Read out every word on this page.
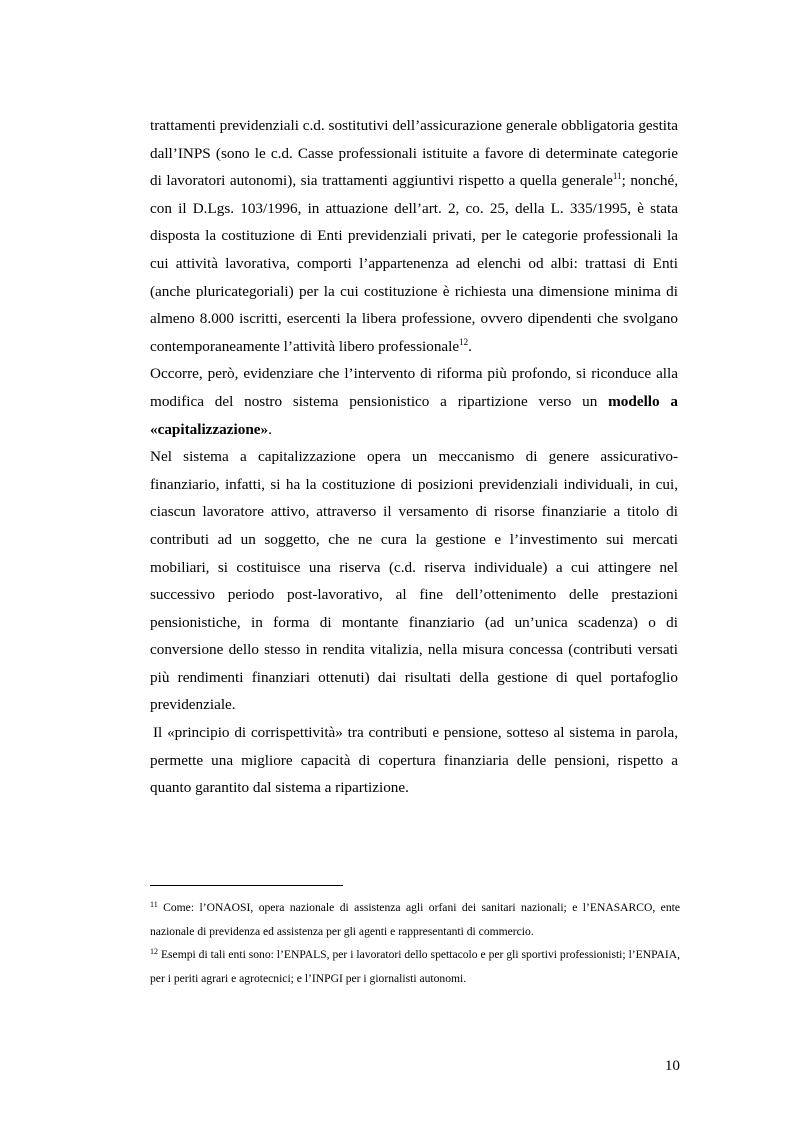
trattamenti previdenziali c.d. sostitutivi dell’assicurazione generale obbligatoria gestita dall’INPS (sono le c.d. Casse professionali istituite a favore di determinate categorie di lavoratori autonomi), sia trattamenti aggiuntivi rispetto a quella generale$^{11}$; nonché, con il D.Lgs. 103/1996, in attuazione dell’art. 2, co. 25, della L. 335/1995, è stata disposta la costituzione di Enti previdenziali privati, per le categorie professionali la cui attività lavorativa, comporti l’appartenenza ad elenchi od albi: trattasi di Enti (anche pluricategoriali) per la cui costituzione è richiesta una dimensione minima di almeno 8.000 iscritti, esercenti la libera professione, ovvero dipendenti che svolgano contemporaneamente l’attività libero professionale$^{12}$.

Occorre, però, evidenziare che l’intervento di riforma più profondo, si riconduce alla modifica del nostro sistema pensionistico a ripartizione verso un modello a «capitalizzazione».

Nel sistema a capitalizzazione opera un meccanismo di genere assicurativo-finanziario, infatti, si ha la costituzione di posizioni previdenziali individuali, in cui, ciascun lavoratore attivo, attraverso il versamento di risorse finanziarie a titolo di contributi ad un soggetto, che ne cura la gestione e l’investimento sui mercati mobiliari, si costituisce una riserva (c.d. riserva individuale) a cui attingere nel successivo periodo post-lavorativo, al fine dell’ottenimento delle prestazioni pensionistiche, in forma di montante finanziario (ad un’unica scadenza) o di conversione dello stesso in rendita vitalizia, nella misura concessa (contributi versati più rendimenti finanziari ottenuti) dai risultati della gestione di quel portafoglio previdenziale.

Il «principio di corrispettività» tra contributi e pensione, sotteso al sistema in parola, permette una migliore capacità di copertura finanziaria delle pensioni, rispetto a quanto garantito dal sistema a ripartizione.

$^{11}$ Come: l’ONAOSI, opera nazionale di assistenza agli orfani dei sanitari nazionali; e l’ENASARCO, ente nazionale di previdenza ed assistenza per gli agenti e rappresentanti di commercio.

$^{12}$ Esempi di tali enti sono: l’ENPALS, per i lavoratori dello spettacolo e per gli sportivi professionisti; l’ENPAIA, per i periti agrari e agrotecnici; e l’INPGI per i giornalisti autonomi.

10
